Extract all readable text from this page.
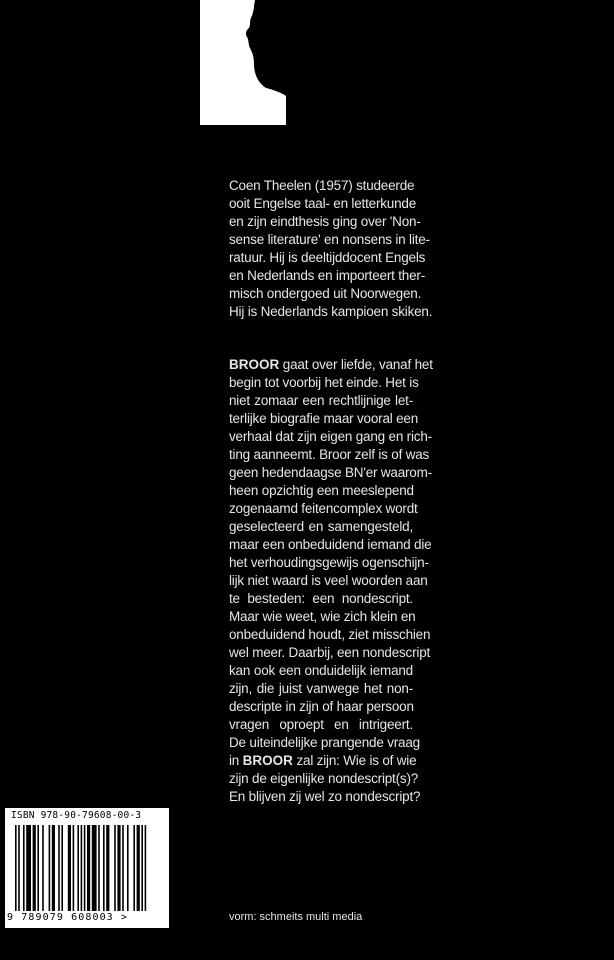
Coen Theelen (1957) studeerde
ooit Engelse taal- en letterkunde
en zijn eindthesis ging over 'Non-
sense literature' en nonsens in lite-
ratuur. Hij is deeltijddocent Engels
en Nederlands en importeert ther-
misch ondergoed uit Noorwegen.
Hij is Nederlands kampioen skiken.
BROOR gaat over liefde, vanaf het
begin tot voorbij het einde. Het is
niet zomaar een rechtlijnige let-
terlijke biografie maar vooral een
verhaal dat zijn eigen gang en rich-
ting aanneemt. Broor zelf is of was
geen hedendaagse BN'er waarom-
heen opzichtig een meeslepend
zogenaamd feitencomplex wordt
geselecteerd en samengesteld,
maar een onbeduidend iemand die
het verhoudingsgewijs ogenschijn-
lijk niet waard is veel woorden aan
te besteden: een nondescript.
Maar wie weet, wie zich klein en
onbeduidend houdt, ziet misschien
wel meer. Daarbij, een nondescript
kan ook een onduidelijk iemand
zijn, die juist vanwege het non-
descripte in zijn of haar persoon
vragen oproept en intrigeert.
De uiteindelijke prangende vraag
in BROOR zal zijn: Wie is of wie
zijn de eigenlijke nondescript(s)?
En blijven zij wel zo nondescript?
ISBN 978-90-79608-00-3
9 789079 608003 >	vorm: schmeits multi media
